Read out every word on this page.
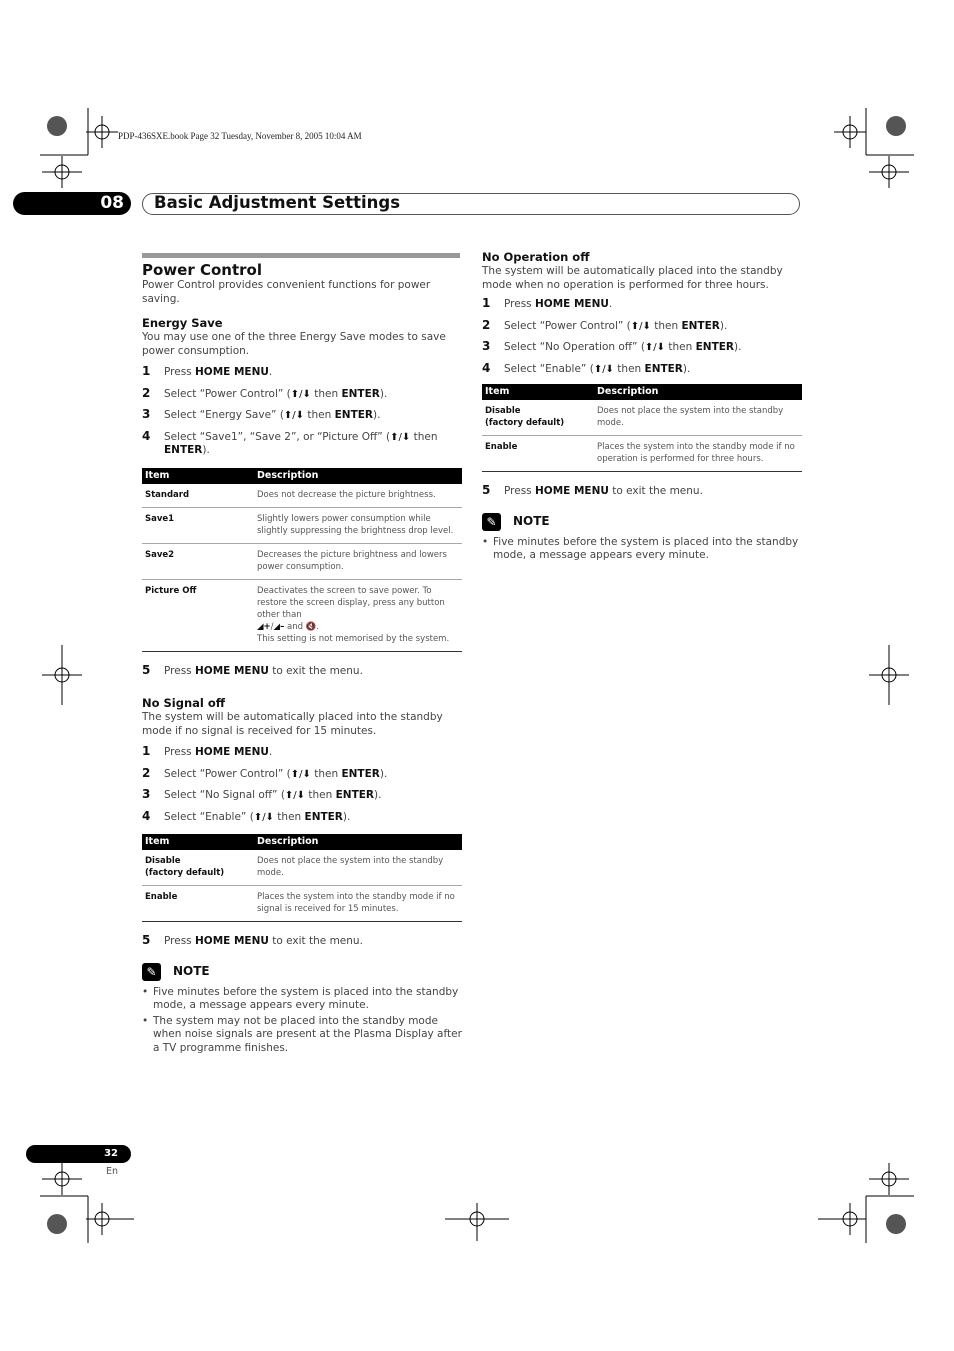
PDP-436SXE.book Page 32 Tuesday, November 8, 2005 10:04 AM
08	Basic Adjustment Settings
Power Control

Power Control provides convenient functions for power saving.

Energy Save

You may use one of the three Energy Save modes to save power consumption.

1	Press HOME MENU.
2	Select “Power Control” (⬆/⬇ then ENTER).
3	Select “Energy Save” (⬆/⬇ then ENTER).
4	Select “Save1”, “Save 2”, or “Picture Off” (⬆/⬇ then ENTER).
Item	Description
Standard	Does not decrease the picture brightness.
Save1	Slightly lowers power consumption while slightly suppressing the brightness drop level.
Save2	Decreases the picture brightness and lowers power consumption.
Picture Off	Deactivates the screen to save power. To restore the screen display, press any button other than
◢+/◢– and 🔇.
This setting is not memorised by the system.
5	Press HOME MENU to exit the menu.
No Signal off

The system will be automatically placed into the standby mode if no signal is received for 15 minutes.

1	Press HOME MENU.
2	Select “Power Control” (⬆/⬇ then ENTER).
3	Select “No Signal off” (⬆/⬇ then ENTER).
4	Select “Enable” (⬆/⬇ then ENTER).
Item	Description
Disable
(factory default)	Does not place the system into the standby mode.
Enable	Places the system into the standby mode if no signal is received for 15 minutes.
5	Press HOME MENU to exit the menu.
✎	NOTE
• Five minutes before the system is placed into the standby mode, a message appears every minute.
• The system may not be placed into the standby mode when noise signals are present at the Plasma Display after a TV programme finishes.
No Operation off

The system will be automatically placed into the standby mode when no operation is performed for three hours.

1	Press HOME MENU.
2	Select “Power Control” (⬆/⬇ then ENTER).
3	Select “No Operation off” (⬆/⬇ then ENTER).
4	Select “Enable” (⬆/⬇ then ENTER).
Item	Description
Disable
(factory default)	Does not place the system into the standby mode.
Enable	Places the system into the standby mode if no operation is performed for three hours.
5	Press HOME MENU to exit the menu.
✎	NOTE
• Five minutes before the system is placed into the standby mode, a message appears every minute.
32
En
